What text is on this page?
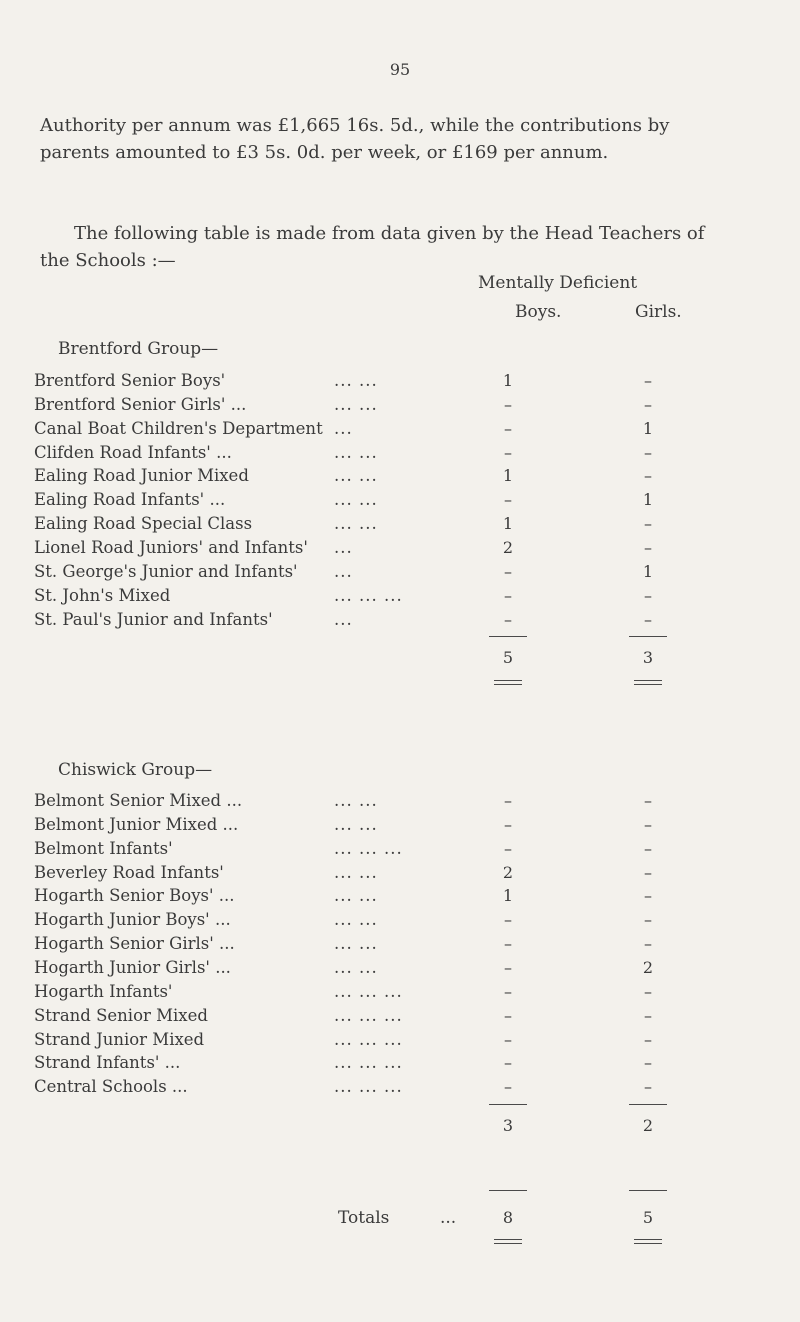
95
Authority per annum was £1,665 16s. 5d., while the contributions by parents amounted to £3 5s. 0d. per week, or £169 per annum.
The following table is made from data given by the Head Teachers of the Schools :—
Mentally Deficient
Boys.	Girls.
Brentford Group—
Brentford Senior Boys'	... ...	1	–
Brentford Senior Girls' ...	... ...	–	–
Canal Boat Children's Department ...	–	1
Clifden Road Infants' ...	... ...	–	–
Ealing Road Junior Mixed	... ...	1	–
Ealing Road Infants' ...	... ...	–	1
Ealing Road Special Class	... ...	1	–
Lionel Road Juniors' and Infants' ...	2	–
St. George's Junior and Infants' ...	–	1
St. John's Mixed	... ... ...	–	–
St. Paul's Junior and Infants'	...	–	–
5	3
Chiswick Group—
Belmont Senior Mixed ...	... ...	–	–
Belmont Junior Mixed ...	... ...	–	–
Belmont Infants'	... ... ...	–	–
Beverley Road Infants'	... ...	2	–
Hogarth Senior Boys' ...	... ...	1	–
Hogarth Junior Boys' ...	... ...	–	–
Hogarth Senior Girls' ...	... ...	–	–
Hogarth Junior Girls' ...	... ...	–	2
Hogarth Infants'	... ... ...	–	–
Strand Senior Mixed	... ... ...	–	–
Strand Junior Mixed	... ... ...	–	–
Strand Infants' ...	... ... ...	–	–
Central Schools ...	... ... ...	–	–
3	2
Totals	...	8	5
